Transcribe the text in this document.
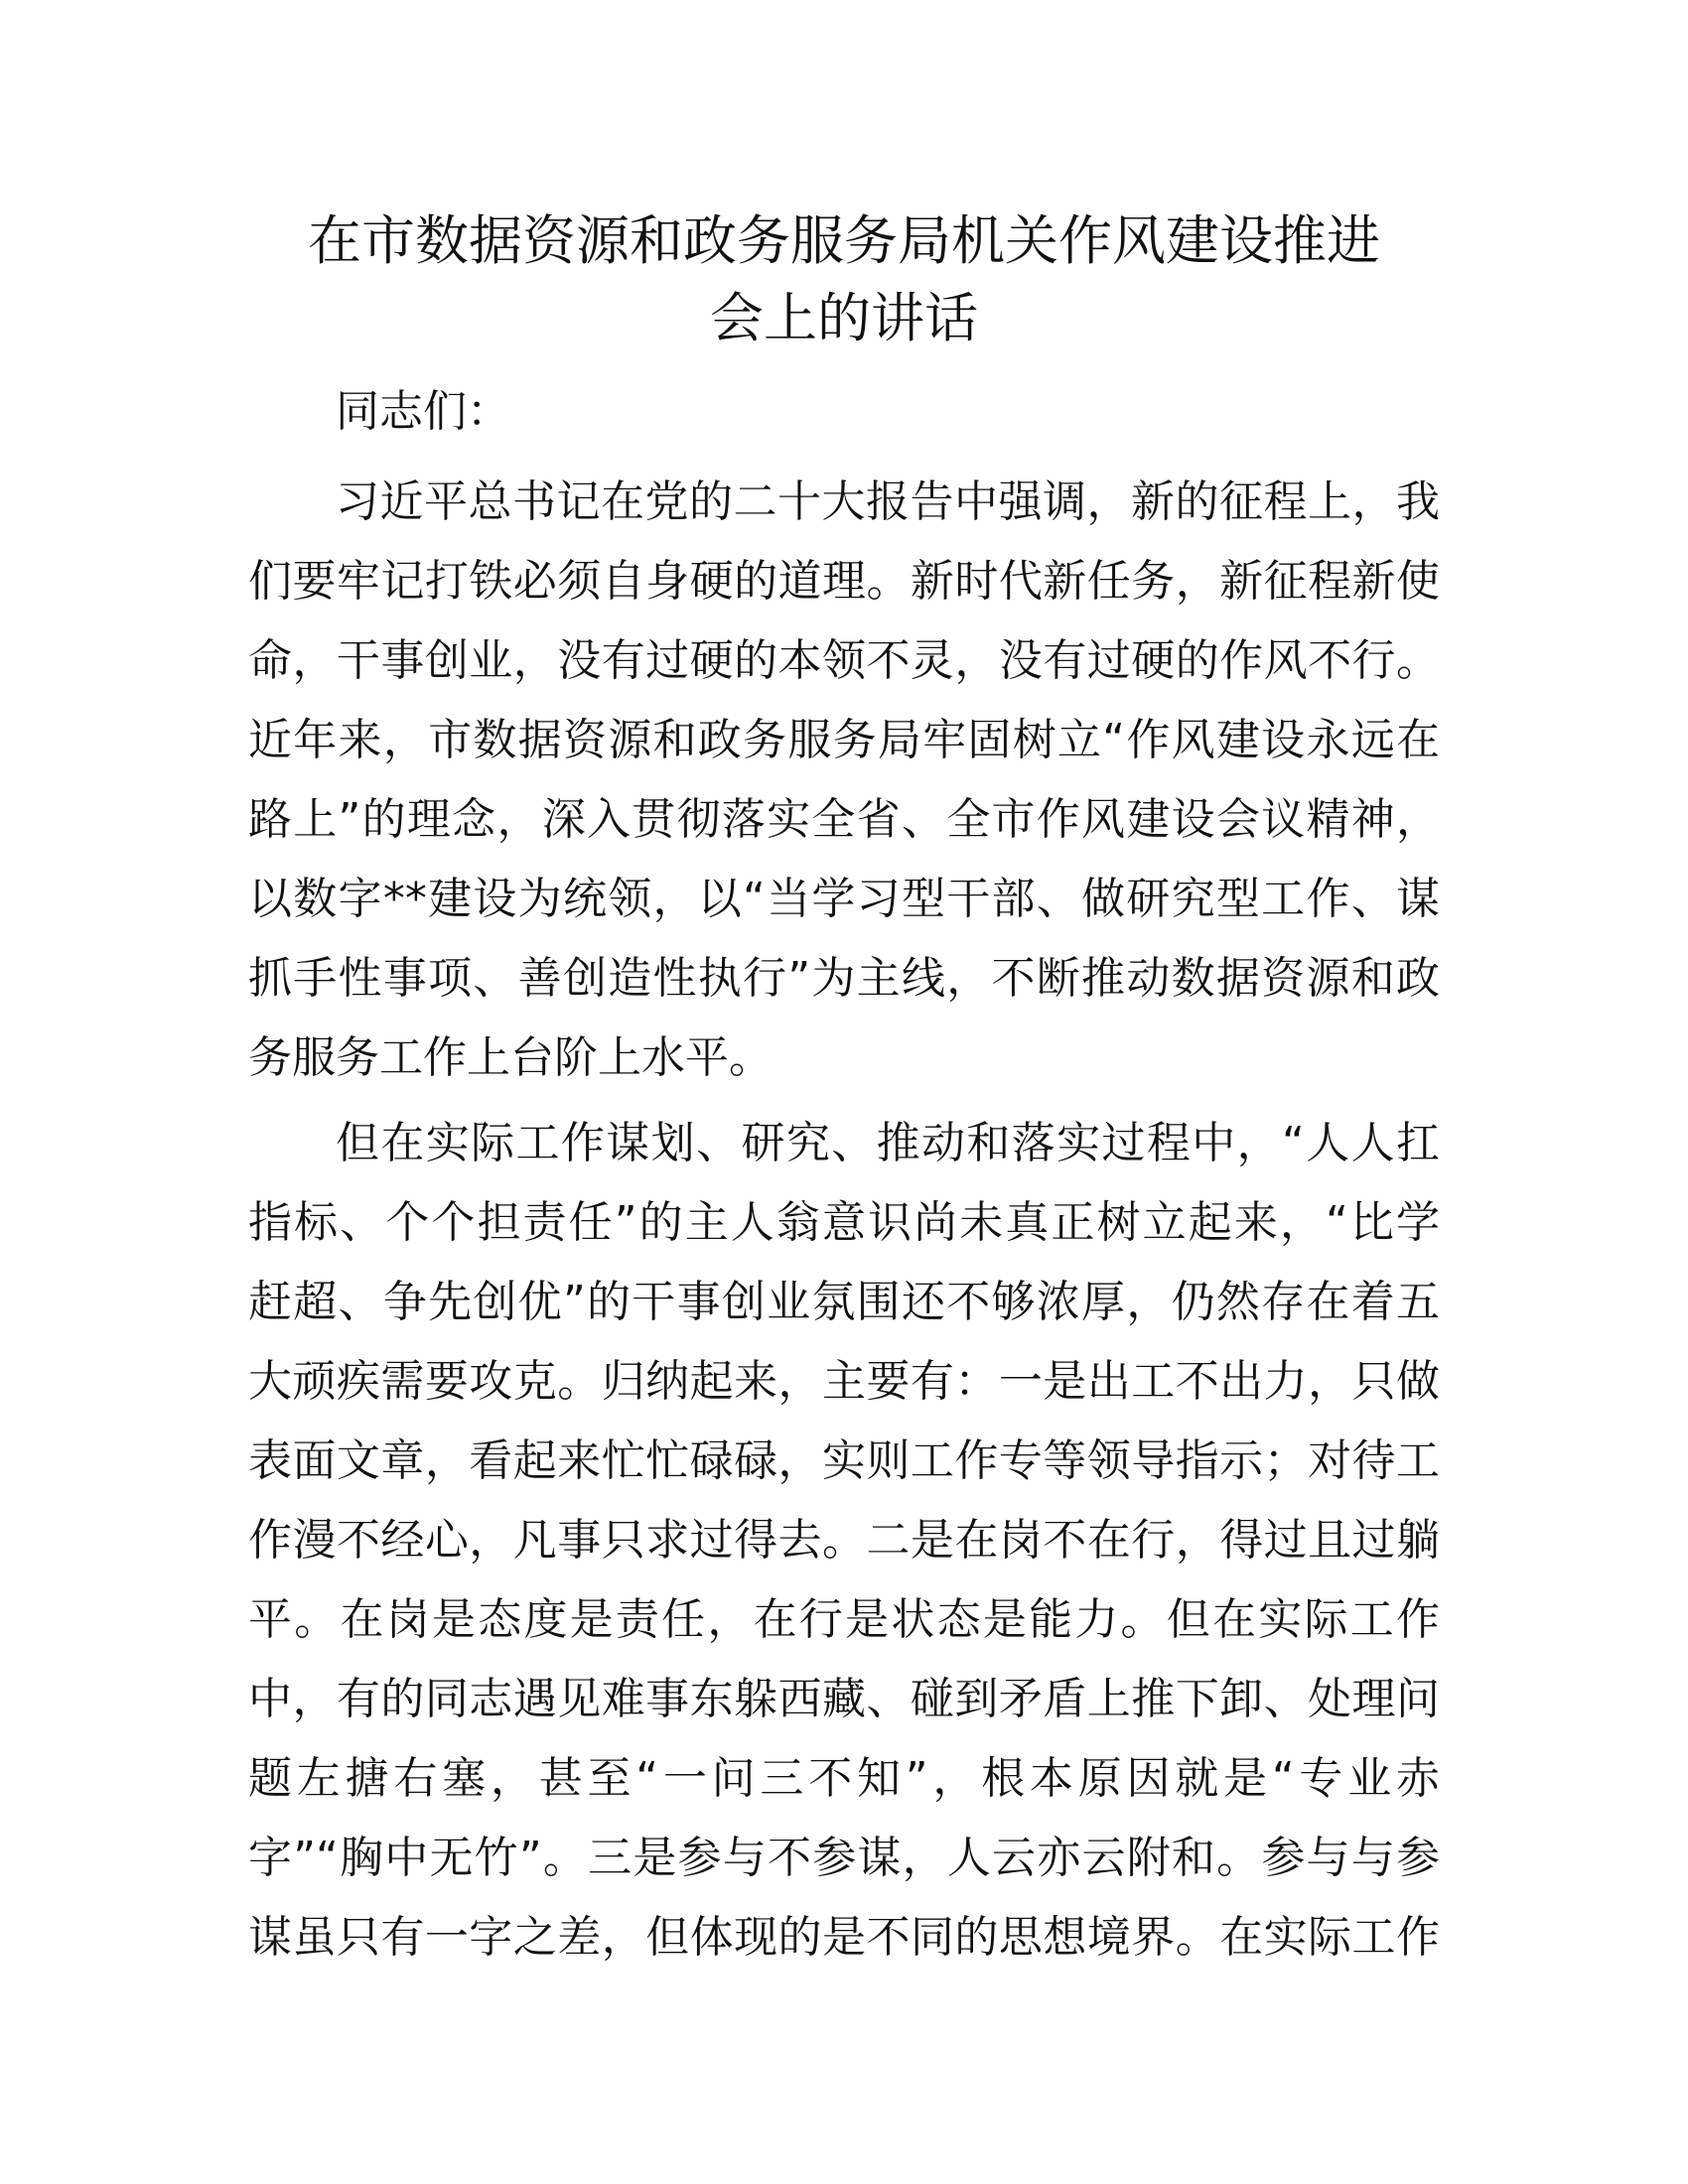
在市数据资源和政务服务局机关作风建设推进
会上的讲话

同志们：

习近平总书记在党的二十大报告中强调，新的征程上，我

们要牢记打铁必须自身硬的道理。新时代新任务，新征程新使

命，干事创业，没有过硬的本领不灵，没有过硬的作风不行。

近年来，市数据资源和政务服务局牢固树立“作风建设永远在

路上”的理念，深入贯彻落实全省、全市作风建设会议精神，

以数字**建设为统领，以“当学习型干部、做研究型工作、谋

抓手性事项、善创造性执行”为主线，不断推动数据资源和政

务服务工作上台阶上水平。

但在实际工作谋划、研究、推动和落实过程中，“人人扛

指标、个个担责任”的主人翁意识尚未真正树立起来，“比学

赶超、争先创优”的干事创业氛围还不够浓厚，仍然存在着五

大顽疾需要攻克。归纳起来，主要有：一是出工不出力，只做

表面文章，看起来忙忙碌碌，实则工作专等领导指示；对待工

作漫不经心，凡事只求过得去。二是在岗不在行，得过且过躺

平。在岗是态度是责任，在行是状态是能力。但在实际工作

中，有的同志遇见难事东躲西藏、碰到矛盾上推下卸、处理问

题左搪右塞，甚至“一问三不知”，根本原因就是“专业赤

字”“胸中无竹”。三是参与不参谋，人云亦云附和。参与与参

谋虽只有一字之差，但体现的是不同的思想境界。在实际工作
